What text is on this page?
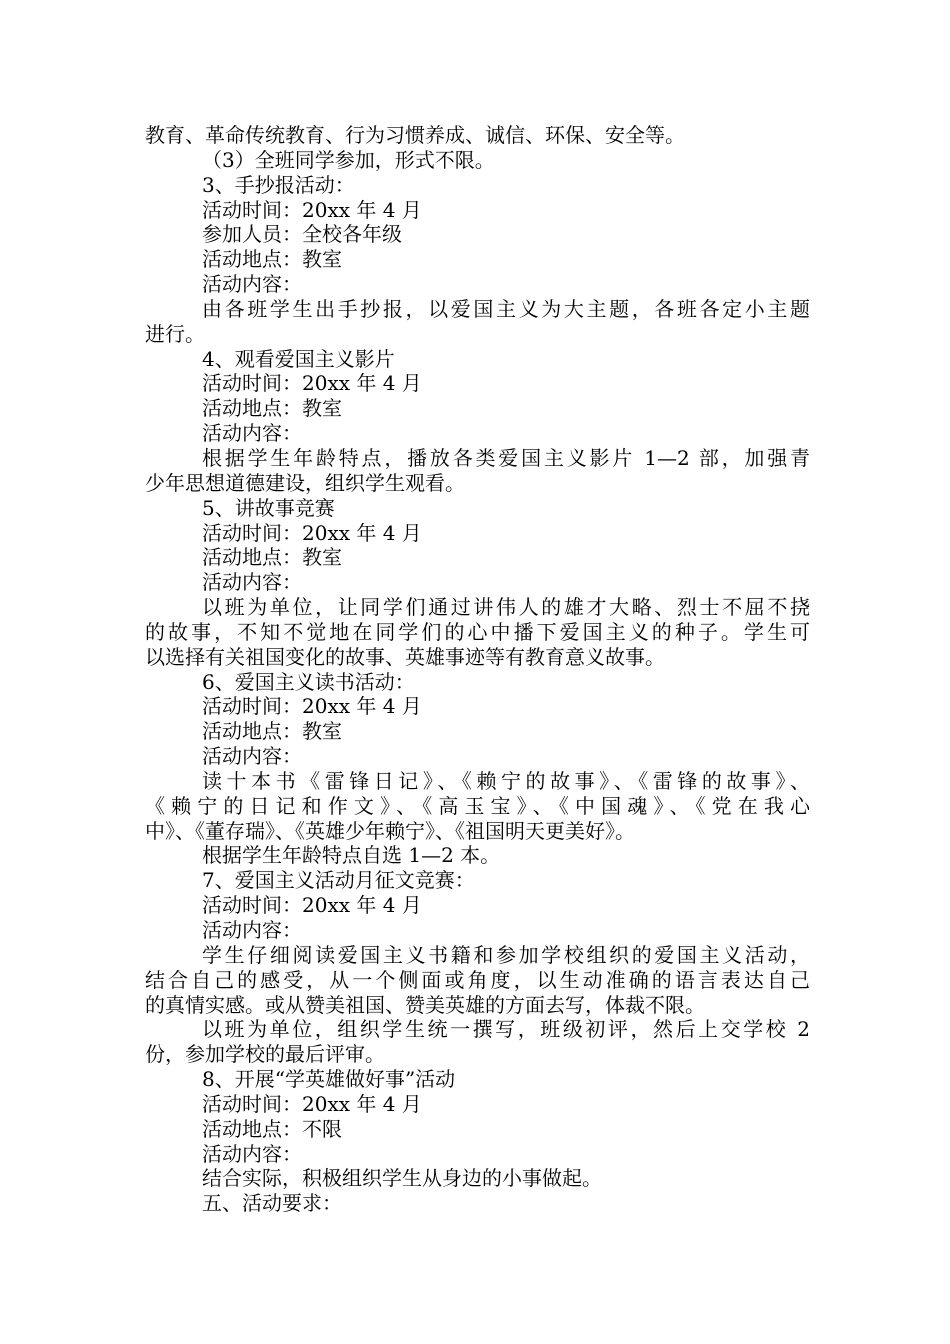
教育、革命传统教育、行为习惯养成、诚信、环保、安全等。
（3）全班同学参加，形式不限。
3、手抄报活动：
活动时间：20xx 年 4 月
参加人员：全校各年级
活动地点：教室
活动内容：
由各班学生出手抄报，以爱国主义为大主题，各班各定小主题
进行。
4、观看爱国主义影片
活动时间：20xx 年 4 月
活动地点：教室
活动内容：
根据学生年龄特点，播放各类爱国主义影片 1—2 部，加强青
少年思想道德建设，组织学生观看。
5、讲故事竞赛
活动时间：20xx 年 4 月
活动地点：教室
活动内容：
以班为单位，让同学们通过讲伟人的雄才大略、烈士不屈不挠
的故事，不知不觉地在同学们的心中播下爱国主义的种子。学生可
以选择有关祖国变化的故事、英雄事迹等有教育意义故事。
6、爱国主义读书活动：
活动时间：20xx 年 4 月
活动地点：教室
活动内容：
读十本书《雷锋日记》、《赖宁的故事》、《雷锋的故事》、
《赖宁的日记和作文》、《高玉宝》、《中国魂》、《党在我心
中》、《董存瑞》、《英雄少年赖宁》、《祖国明天更美好》。
根据学生年龄特点自选 1—2 本。
7、爱国主义活动月征文竞赛：
活动时间：20xx 年 4 月
活动内容：
学生仔细阅读爱国主义书籍和参加学校组织的爱国主义活动，
结合自己的感受，从一个侧面或角度，以生动准确的语言表达自己
的真情实感。或从赞美祖国、赞美英雄的方面去写，体裁不限。
以班为单位，组织学生统一撰写，班级初评，然后上交学校 2
份，参加学校的最后评审。
8、开展“学英雄做好事”活动
活动时间：20xx 年 4 月
活动地点：不限
活动内容：
结合实际，积极组织学生从身边的小事做起。
五、活动要求：
